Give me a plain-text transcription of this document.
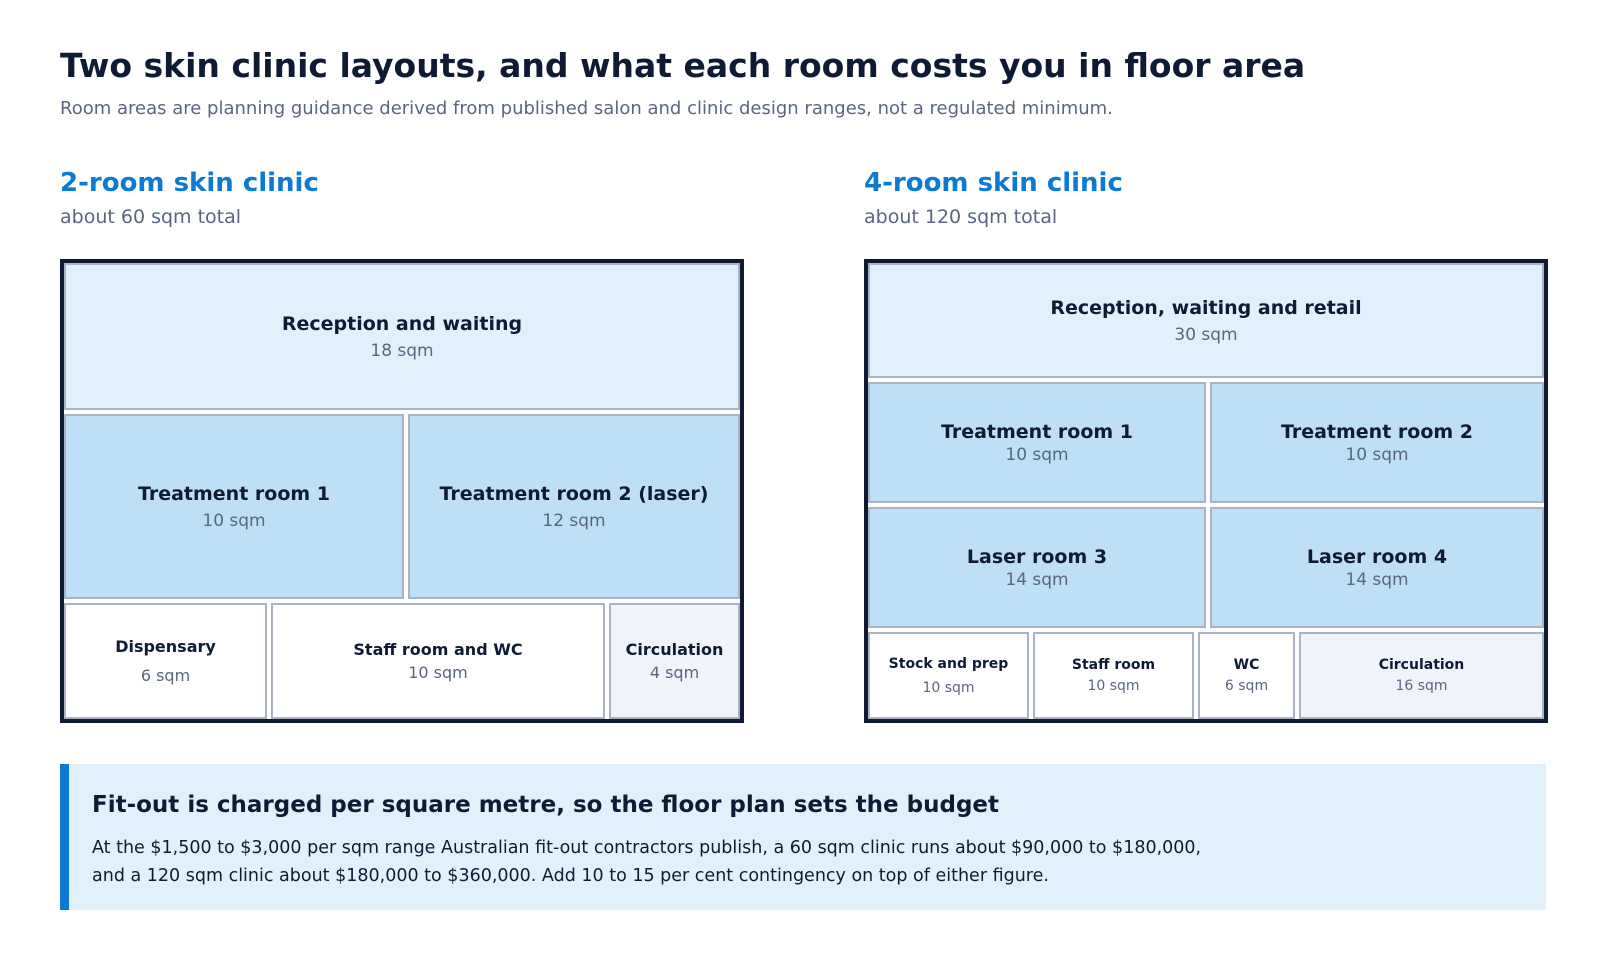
Two skin clinic layouts, and what each room costs you in floor area
Room areas are planning guidance derived from published salon and clinic design ranges, not a regulated minimum.
2-room skin clinic
about 60 sqm total
Reception and waiting
18 sqm
Treatment room 1
10 sqm
Treatment room 2 (laser)
12 sqm
Dispensary
6 sqm
Staff room and WC
10 sqm
Circulation
4 sqm
4-room skin clinic
about 120 sqm total
Reception, waiting and retail
30 sqm
Treatment room 1
10 sqm
Treatment room 2
10 sqm
Laser room 3
14 sqm
Laser room 4
14 sqm
Stock and prep
10 sqm
Staff room
10 sqm
WC
6 sqm
Circulation
16 sqm
Fit-out is charged per square metre, so the floor plan sets the budget
At the $1,500 to $3,000 per sqm range Australian fit-out contractors publish, a 60 sqm clinic runs about $90,000 to $180,000,
and a 120 sqm clinic about $180,000 to $360,000. Add 10 to 15 per cent contingency on top of either figure.
